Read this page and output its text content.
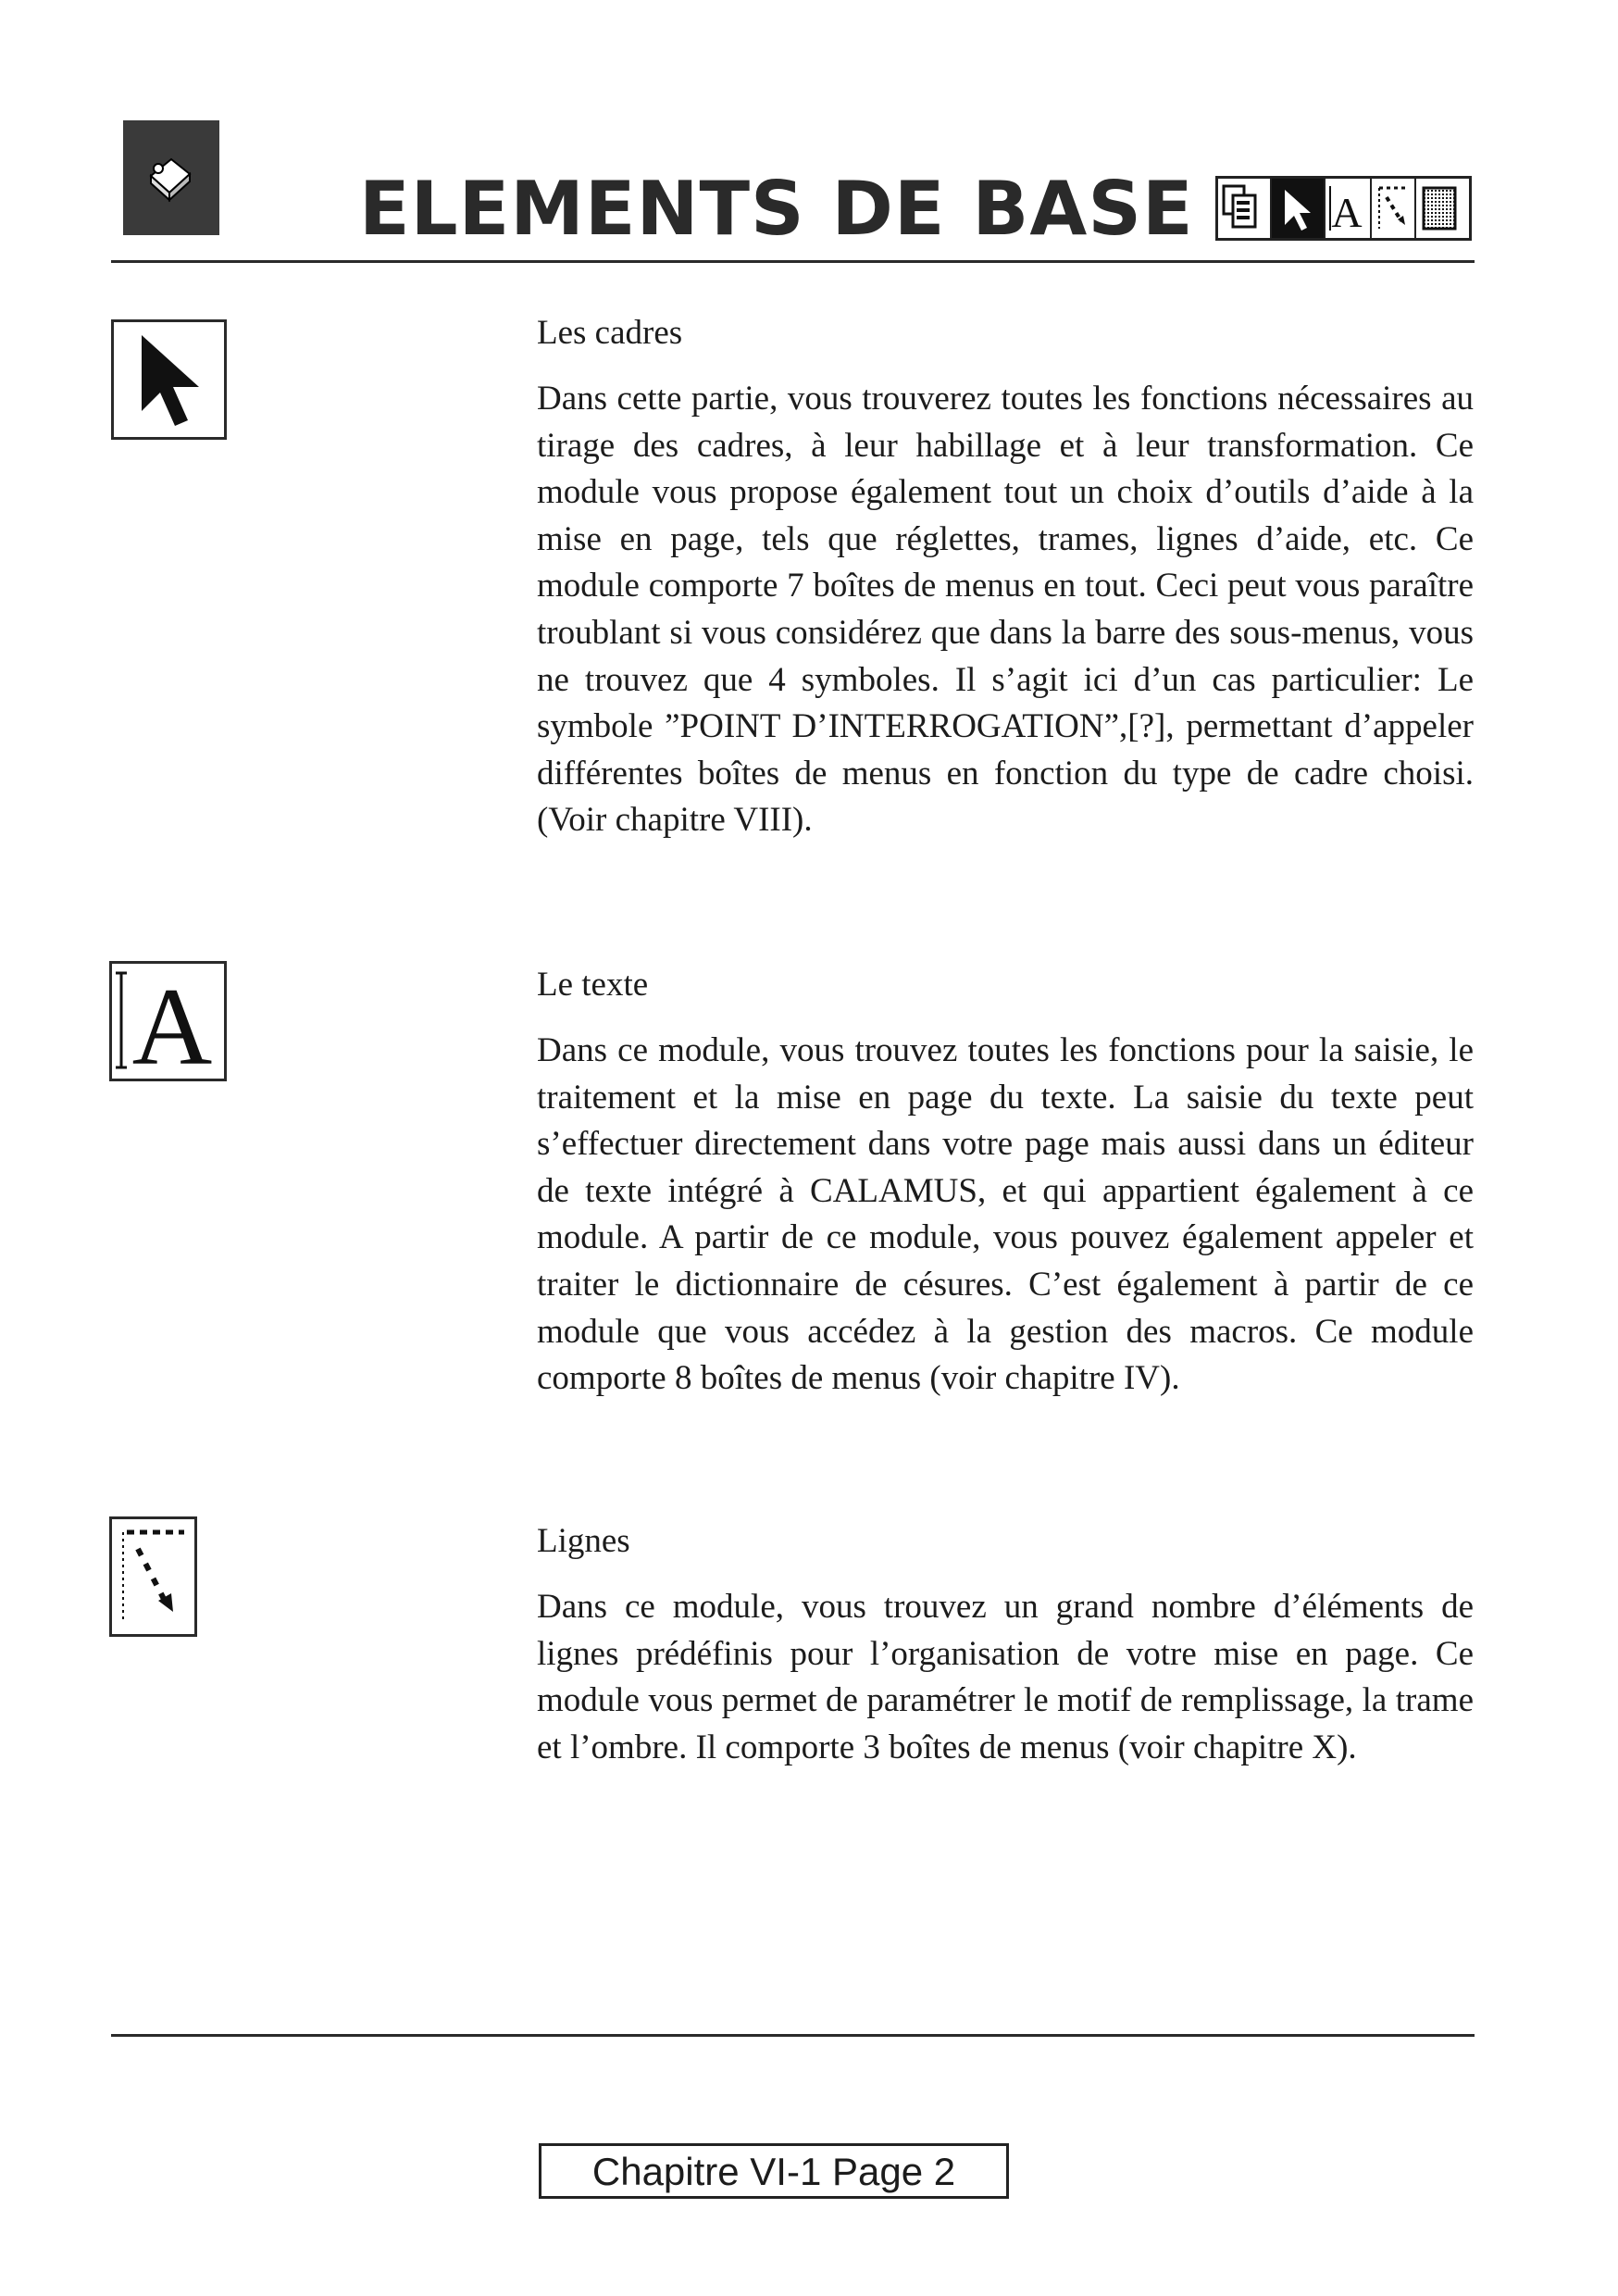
ELEMENTS DE BASE	A
A
Les cadres

Dans cette partie, vous trouverez toutes les fonctions nécessaires au tirage des cadres, à leur habillage et à leur transformation. Ce module vous propose également tout un choix d’outils d’aide à la mise en page, tels que réglettes, trames, lignes d’aide, etc. Ce module comporte 7 boîtes de menus en tout. Ceci peut vous paraître troublant si vous considérez que dans la barre des sous-menus, vous ne trouvez que 4 symboles. Il s’agit ici d’un cas particulier: Le symbole ”POINT D’INTERROGATION”,[?], permettant d’appeler différentes boîtes de menus en fonction du type de cadre choisi. (Voir chapitre VIII).

Le texte

Dans ce module, vous trouvez toutes les fonctions pour la saisie, le traitement et la mise en page du texte. La saisie du texte peut s’effectuer directement dans votre page mais aussi dans un éditeur de texte intégré à CALAMUS, et qui appartient également à ce module. A partir de ce module, vous pouvez également appeler et traiter le dictionnaire de césures. C’est également à partir de ce module que vous accédez à la gestion des macros. Ce module comporte 8 boîtes de menus (voir chapitre IV).

Lignes

Dans ce module, vous trouvez un grand nombre d’éléments de lignes prédéfinis pour l’organisation de votre mise en page. Ce module vous permet de paramétrer le motif de remplissage, la trame et l’ombre. Il comporte 3 boîtes de menus (voir chapitre X).

Chapitre VI-1 Page 2
